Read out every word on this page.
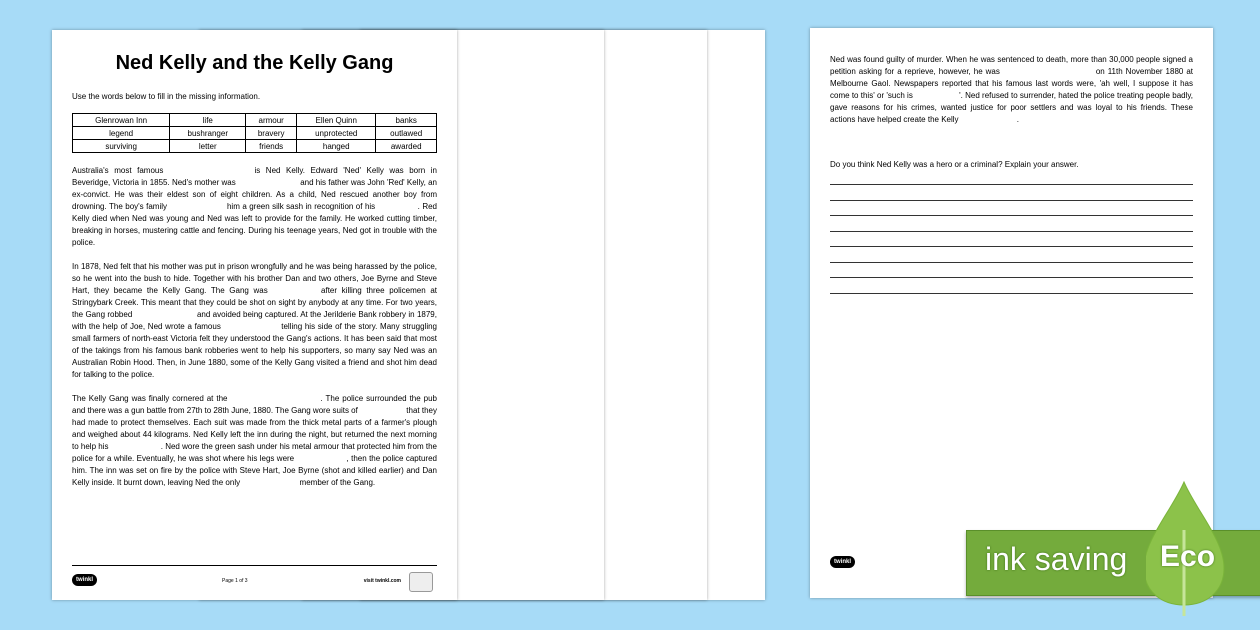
Ned Kelly and the Kelly Gang
Use the words below to fill in the missing information.
Glenrowan Inn	life	armour	Ellen Quinn	banks
legend	bushranger	bravery	unprotected	outlawed
surviving	letter	friends	hanged	awarded
Australia's most famous	is Ned Kelly. Edward 'Ned' Kelly was born in Beveridge, Victoria in 1855. Ned's mother was	and his father was John 'Red' Kelly, an ex-convict. He was their eldest son of eight children. As a child, Ned rescued another boy from drowning. The boy's family	him a green silk sash in recognition of his	. Red Kelly died when Ned was young and Ned was left to provide for the family. He worked cutting timber, breaking in horses, mustering cattle and fencing. During his teenage years, Ned got in trouble with the police.
In 1878, Ned felt that his mother was put in prison wrongfully and he was being harassed by the police, so he went into the bush to hide. Together with his brother Dan and two others, Joe Byrne and Steve Hart, they became the Kelly Gang. The Gang was	after killing three policemen at Stringybark Creek. This meant that they could be shot on sight by anybody at any time. For two years, the Gang robbed	and avoided being captured. At the Jerilderie Bank robbery in 1879, with the help of Joe, Ned wrote a famous	telling his side of the story. Many struggling small farmers of north-east Victoria felt they understood the Gang's actions. It has been said that most of the takings from his famous bank robberies went to help his supporters, so many say Ned was an Australian Robin Hood. Then, in June 1880, some of the Kelly Gang visited a friend and shot him dead for talking to the police.
The Kelly Gang was finally cornered at the	. The police surrounded the pub and there was a gun battle from 27th to 28th June, 1880. The Gang wore suits of	that they had made to protect themselves. Each suit was made from the thick metal parts of a farmer's plough and weighed about 44 kilograms. Ned Kelly left the inn during the night, but returned the next morning to help his	. Ned wore the green sash under his metal armour that protected him from the police for a while. Eventually, he was shot where his legs were	, then the police captured him. The inn was set on fire by the police with Steve Hart, Joe Byrne (shot and killed earlier) and Dan Kelly inside. It burnt down, leaving Ned the only	member of the Gang.
twinkl	Page 1 of 3	visit twinkl.com
Ned was found guilty of murder. When he was sentenced to death, more than 30,000 people signed a petition asking for a reprieve, however, he was	on 11th November 1880 at Melbourne Gaol. Newspapers reported that his famous last words were, 'ah well, I suppose it has come to this' or 'such is	'. Ned refused to surrender, hated the police treating people badly, gave reasons for his crimes, wanted justice for poor settlers and was loyal to his friends. These actions have helped create the Kelly	.
Do you think Ned Kelly was a hero or a criminal? Explain your answer.
twinkl	ink saving Eco
